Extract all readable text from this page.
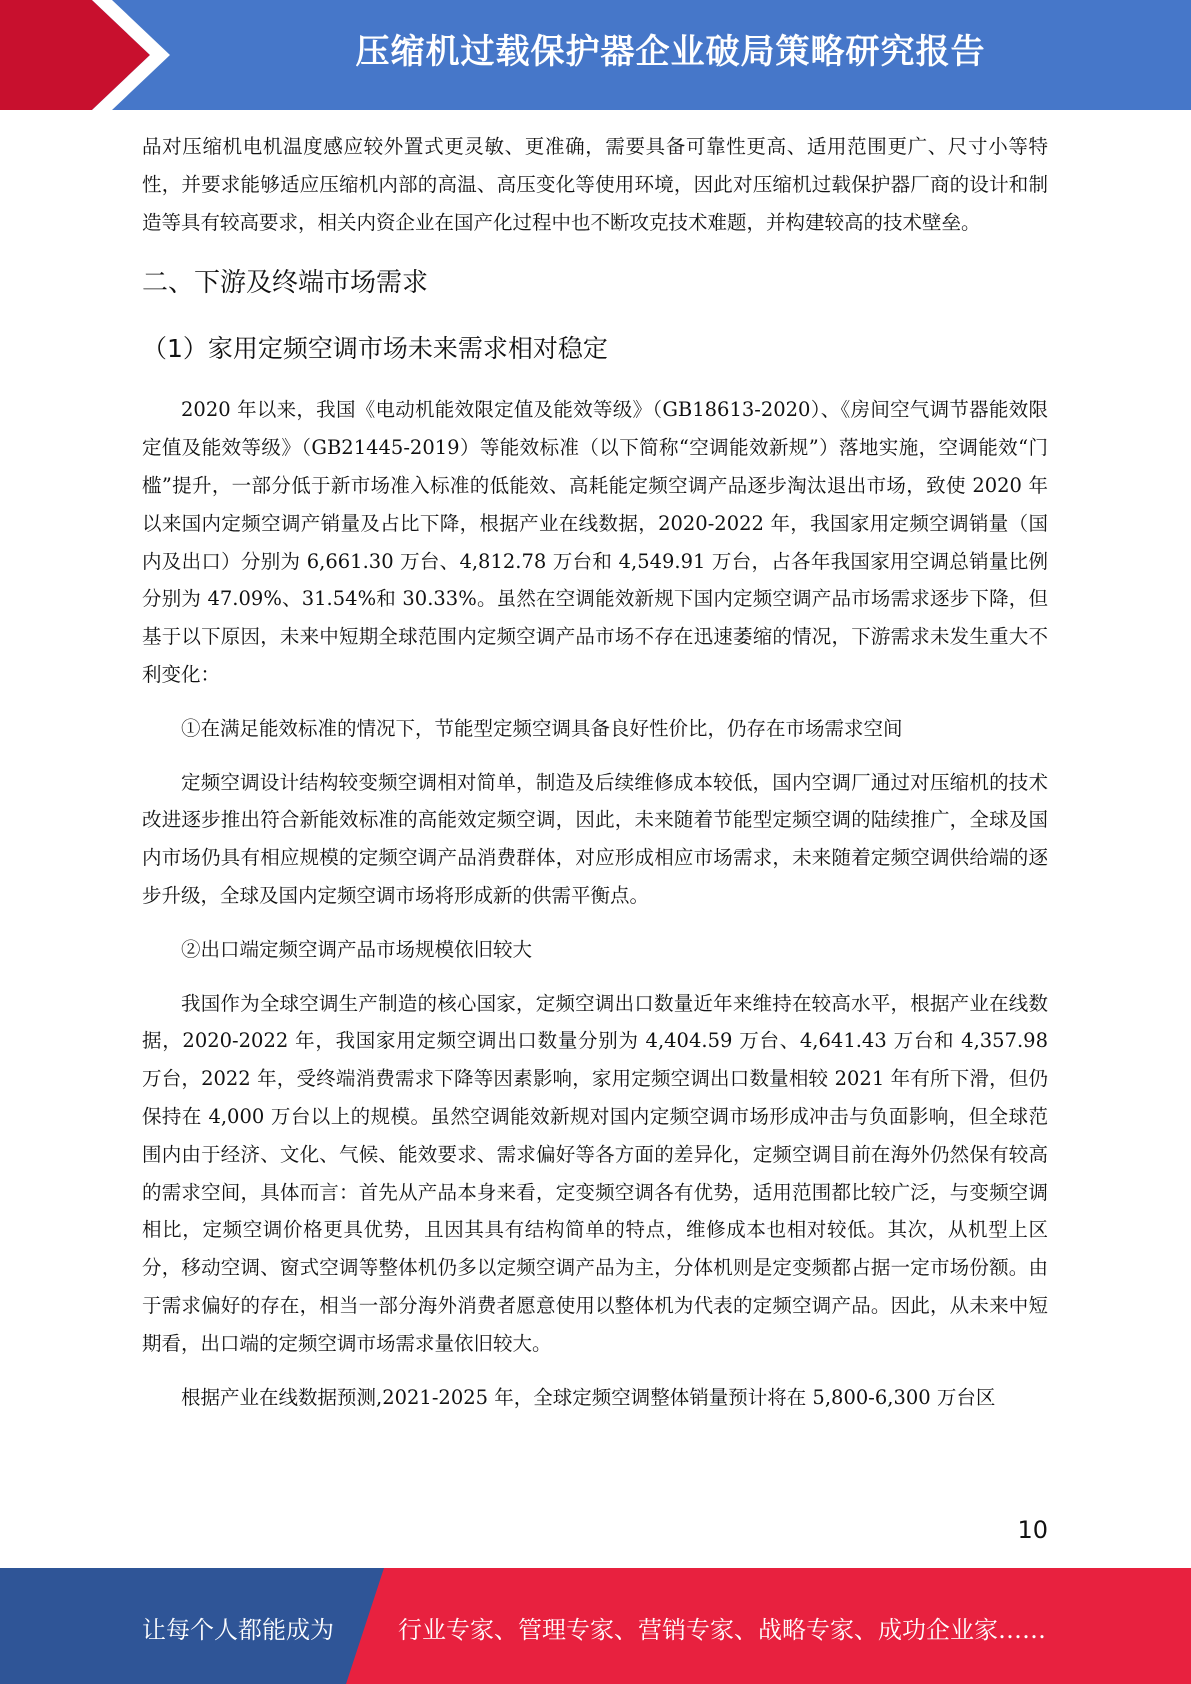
压缩机过载保护器企业破局策略研究报告

品对压缩机电机温度感应较外置式更灵敏、更准确，需要具备可靠性更高、适用范围更广、尺寸小等特性，并要求能够适应压缩机内部的高温、高压变化等使用环境，因此对压缩机过载保护器厂商的设计和制造等具有较高要求，相关内资企业在国产化过程中也不断攻克技术难题，并构建较高的技术壁垒。

二、下游及终端市场需求
（1）家用定频空调市场未来需求相对稳定

2020 年以来，我国《电动机能效限定值及能效等级》（GB18613-2020）、《房间空气调节器能效限定值及能效等级》（GB21445-2019）等能效标准（以下简称“空调能效新规”）落地实施，空调能效“门槛”提升，一部分低于新市场准入标准的低能效、高耗能定频空调产品逐步淘汰退出市场，致使 2020 年以来国内定频空调产销量及占比下降，根据产业在线数据，2020-2022 年，我国家用定频空调销量（国内及出口）分别为 6,661.30 万台、4,812.78 万台和 4,549.91 万台，占各年我国家用空调总销量比例分别为 47.09%、31.54%和 30.33%。虽然在空调能效新规下国内定频空调产品市场需求逐步下降，但基于以下原因，未来中短期全球范围内定频空调产品市场不存在迅速萎缩的情况，下游需求未发生重大不利变化：

①在满足能效标准的情况下，节能型定频空调具备良好性价比，仍存在市场需求空间

定频空调设计结构较变频空调相对简单，制造及后续维修成本较低，国内空调厂通过对压缩机的技术改进逐步推出符合新能效标准的高能效定频空调，因此，未来随着节能型定频空调的陆续推广，全球及国内市场仍具有相应规模的定频空调产品消费群体，对应形成相应市场需求，未来随着定频空调供给端的逐步升级，全球及国内定频空调市场将形成新的供需平衡点。

②出口端定频空调产品市场规模依旧较大

我国作为全球空调生产制造的核心国家，定频空调出口数量近年来维持在较高水平，根据产业在线数据，2020-2022 年，我国家用定频空调出口数量分别为 4,404.59 万台、4,641.43 万台和 4,357.98 万台，2022 年，受终端消费需求下降等因素影响，家用定频空调出口数量相较 2021 年有所下滑，但仍保持在 4,000 万台以上的规模。虽然空调能效新规对国内定频空调市场形成冲击与负面影响，但全球范围内由于经济、文化、气候、能效要求、需求偏好等各方面的差异化，定频空调目前在海外仍然保有较高的需求空间，具体而言：首先从产品本身来看，定变频空调各有优势，适用范围都比较广泛，与变频空调相比，定频空调价格更具优势，且因其具有结构简单的特点，维修成本也相对较低。其次，从机型上区分，移动空调、窗式空调等整体机仍多以定频空调产品为主，分体机则是定变频都占据一定市场份额。由于需求偏好的存在，相当一部分海外消费者愿意使用以整体机为代表的定频空调产品。因此，从未来中短期看，出口端的定频空调市场需求量依旧较大。

根据产业在线数据预测,2021-2025 年，全球定频空调整体销量预计将在 5,800-6,300 万台区

10
让每个人都能成为	行业专家、管理专家、营销专家、战略专家、成功企业家……
